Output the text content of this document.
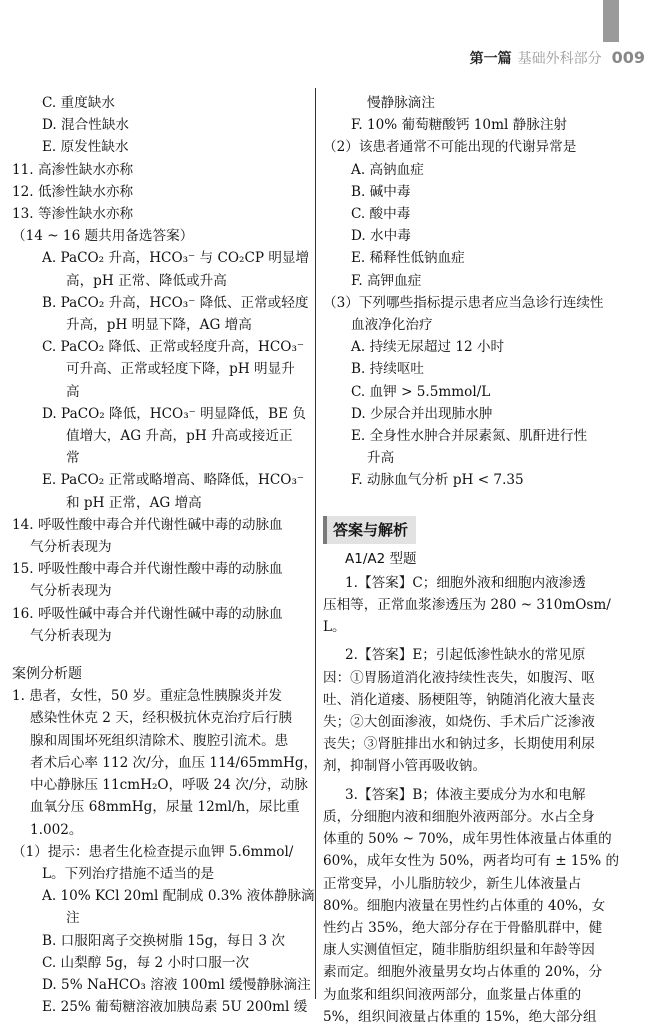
第一篇 基础外科部分 009
C. 重度缺水
D. 混合性缺水
E. 原发性缺水
11. 高渗性缺水亦称
12. 低渗性缺水亦称
13. 等渗性缺水亦称
（14 ~ 16 题共用备选答案）
A. PaCO₂ 升高，HCO₃⁻ 与 CO₂CP 明显增
高，pH 正常、降低或升高
B. PaCO₂ 升高，HCO₃⁻ 降低、正常或轻度
升高，pH 明显下降，AG 增高
C. PaCO₂ 降低、正常或轻度升高，HCO₃⁻
可升高、正常或轻度下降，pH 明显升
高
D. PaCO₂ 降低，HCO₃⁻ 明显降低，BE 负
值增大，AG 升高，pH 升高或接近正
常
E. PaCO₂ 正常或略增高、略降低，HCO₃⁻
和 pH 正常，AG 增高
14. 呼吸性酸中毒合并代谢性碱中毒的动脉血
气分析表现为
15. 呼吸性酸中毒合并代谢性酸中毒的动脉血
气分析表现为
16. 呼吸性碱中毒合并代谢性碱中毒的动脉血
气分析表现为
案例分析题
1. 患者，女性，50 岁。重症急性胰腺炎并发
感染性休克 2 天，经积极抗休克治疗后行胰
腺和周围坏死组织清除术、腹腔引流术。患
者术后心率 112 次/分，血压 114/65mmHg，
中心静脉压 11cmH₂O，呼吸 24 次/分，动脉
血氧分压 68mmHg，尿量 12ml/h，尿比重
1.002。
（1）提示：患者生化检查提示血钾 5.6mmol/
L。下列治疗措施不适当的是
A. 10% KCl 20ml 配制成 0.3% 液体静脉滴
注
B. 口服阳离子交换树脂 15g，每日 3 次
C. 山梨醇 5g，每 2 小时口服一次
D. 5% NaHCO₃ 溶液 100ml 缓慢静脉滴注
E. 25% 葡萄糖溶液加胰岛素 5U 200ml 缓
慢静脉滴注
F. 10% 葡萄糖酸钙 10ml 静脉注射
（2）该患者通常不可能出现的代谢异常是
A. 高钠血症
B. 碱中毒
C. 酸中毒
D. 水中毒
E. 稀释性低钠血症
F. 高钾血症
（3）下列哪些指标提示患者应当急诊行连续性
血液净化治疗
A. 持续无尿超过 12 小时
B. 持续呕吐
C. 血钾 > 5.5mmol/L
D. 少尿合并出现肺水肿
E. 全身性水肿合并尿素氮、肌酐进行性
升高
F. 动脉血气分析 pH < 7.35
答案与解析
A1/A2 型题
1.【答案】C；细胞外液和细胞内液渗透
压相等，正常血浆渗透压为 280 ~ 310mOsm/
L。
2.【答案】E；引起低渗性缺水的常见原
因：①胃肠道消化液持续性丧失，如腹泻、呕
吐、消化道瘘、肠梗阻等，钠随消化液大量丧
失；②大创面渗液，如烧伤、手术后广泛渗液
丧失；③肾脏排出水和钠过多，长期使用利尿
剂，抑制肾小管再吸收钠。
3.【答案】B；体液主要成分为水和电解
质，分细胞内液和细胞外液两部分。水占全身
体重的 50% ~ 70%，成年男性体液量占体重的
60%，成年女性为 50%，两者均可有 ± 15% 的
正常变异，小儿脂肪较少，新生儿体液量占
80%。细胞内液量在男性约占体重的 40%，女
性约占 35%，绝大部分存在于骨骼肌群中，健
康人实测值恒定，随非脂肪组织量和年龄等因
素而定。细胞外液量男女均占体重的 20%，分
为血浆和组织间液两部分，血浆量占体重的
5%，组织间液量占体重的 15%，绝大部分组
